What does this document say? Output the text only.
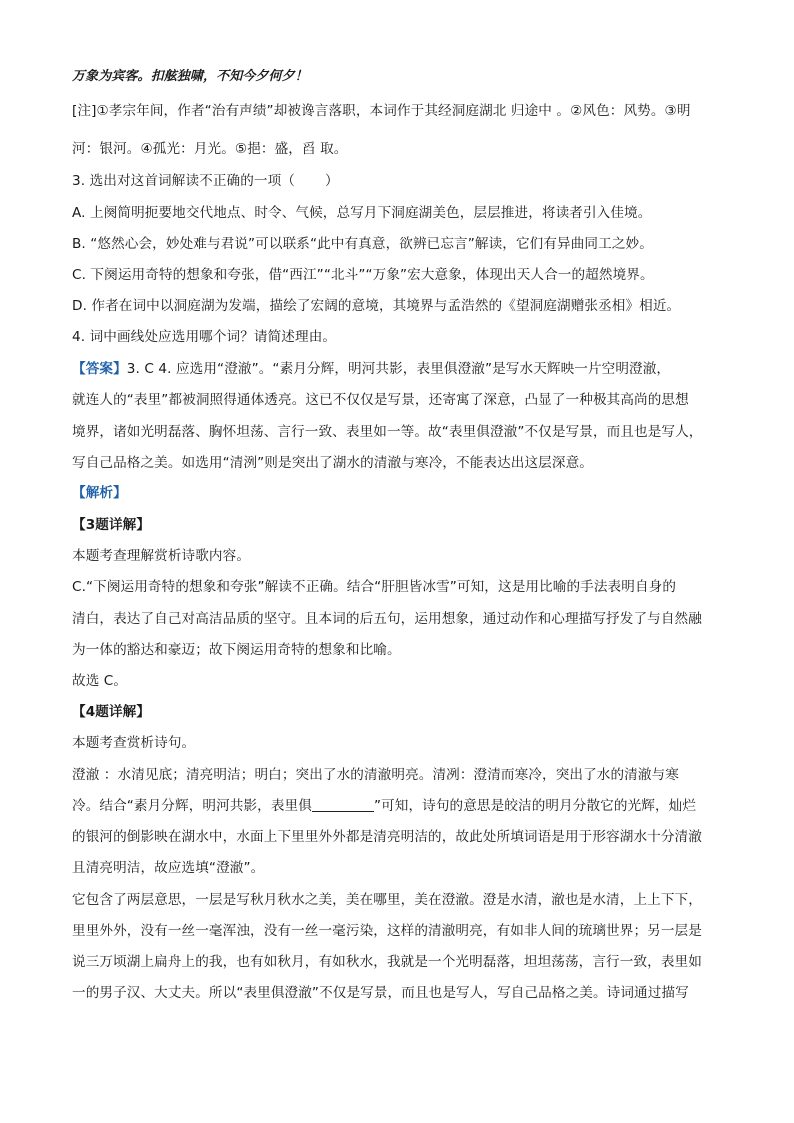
万象为宾客。扣舷独啸，不知今夕何夕！
[注]①孝宗年间，作者“治有声绩”却被谗言落职，本词作于其经洞庭湖北 归途中 。②风色：风势。③明
河：银河。④孤光：月光。⑤挹：盛，舀 取。
3. 选出对这首词解读不正确的一项（ ）
A. 上阕简明扼要地交代地点、时令、气候，总写月下洞庭湖美色，层层推进，将读者引入佳境。
B. “悠然心会，妙处难与君说”可以联系“此中有真意，欲辨已忘言”解读，它们有异曲同工之妙。
C. 下阕运用奇特的想象和夸张，借“西江”“北斗”“万象”宏大意象，体现出天人合一的超然境界。
D. 作者在词中以洞庭湖为发端，描绘了宏阔的意境，其境界与孟浩然的《望洞庭湖赠张丞相》相近。
4. 词中画线处应选用哪个词？请简述理由。
【答案】3. C 4. 应选用“澄澈”。“素月分辉，明河共影，表里俱澄澈”是写水天辉映一片空明澄澈，
就连人的“表里”都被洞照得通体透亮。这已不仅仅是写景，还寄寓了深意，凸显了一种极其高尚的思想
境界，诸如光明磊落、胸怀坦荡、言行一致、表里如一等。故“表里俱澄澈”不仅是写景，而且也是写人，
写自己品格之美。如选用“清洌”则是突出了湖水的清澈与寒冷，不能表达出这层深意。
【解析】
【3题详解】
本题考查理解赏析诗歌内容。
C.“下阕运用奇特的想象和夸张”解读不正确。结合“肝胆皆冰雪”可知，这是用比喻的手法表明自身的
清白，表达了自己对高洁品质的坚守。且本词的后五句，运用想象，通过动作和心理描写抒发了与自然融
为一体的豁达和豪迈；故下阕运用奇特的想象和比喻。
故选 C。
【4题详解】
本题考查赏析诗句。
澄澈 ：水清见底；清亮明洁；明白；突出了水的清澈明亮。清冽：澄清而寒冷，突出了水的清澈与寒
冷。结合“素月分辉，明河共影，表里俱	”可知，诗句的意思是皎洁的明月分散它的光辉，灿烂
的银河的倒影映在湖水中，水面上下里里外外都是清亮明洁的，故此处所填词语是用于形容湖水十分清澈
且清亮明洁，故应选填“澄澈”。
它包含了两层意思，一层是写秋月秋水之美，美在哪里，美在澄澈。澄是水清，澈也是水清，上上下下，
里里外外，没有一丝一毫浑浊，没有一丝一毫污染，这样的清澈明亮，有如非人间的琉璃世界；另一层是
说三万顷湖上扁舟上的我，也有如秋月，有如秋水，我就是一个光明磊落，坦坦荡荡，言行一致，表里如
一的男子汉、大丈夫。所以“表里俱澄澈”不仅是写景，而且也是写人，写自己品格之美。诗词通过描写
